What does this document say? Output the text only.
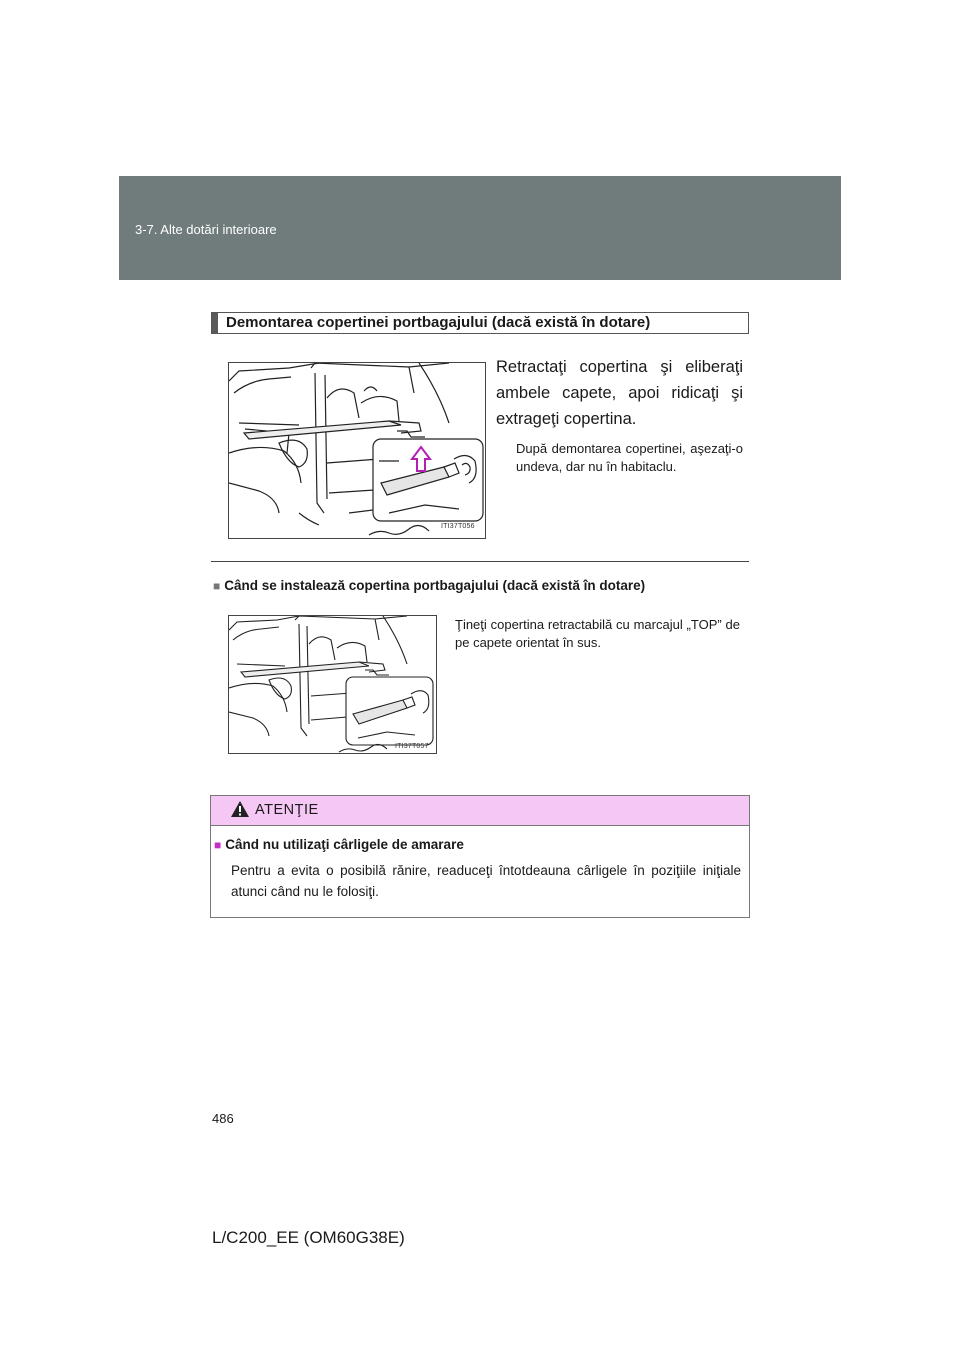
3-7. Alte dotări interioare
Demontarea copertinei portbagajului (dacă există în dotare)
ITI37T056

Retractaţi copertina şi eliberaţi ambele capete, apoi ridicaţi şi extrageţi copertina.

După demontarea copertinei, aşezaţi-o undeva, dar nu în habitaclu.

■ Când se instalează copertina portbagajului (dacă există în dotare)
ITI37T057

Ţineţi copertina retractabilă cu marcajul „TOP” de pe capete orientat în sus.

ATENŢIE
■ Când nu utilizaţi cârligele de amarare

Pentru a evita o posibilă rănire, readuceţi întotdeauna cârligele în poziţiile iniţiale atunci când nu le folosiţi.

486
L/C200_EE (OM60G38E)
